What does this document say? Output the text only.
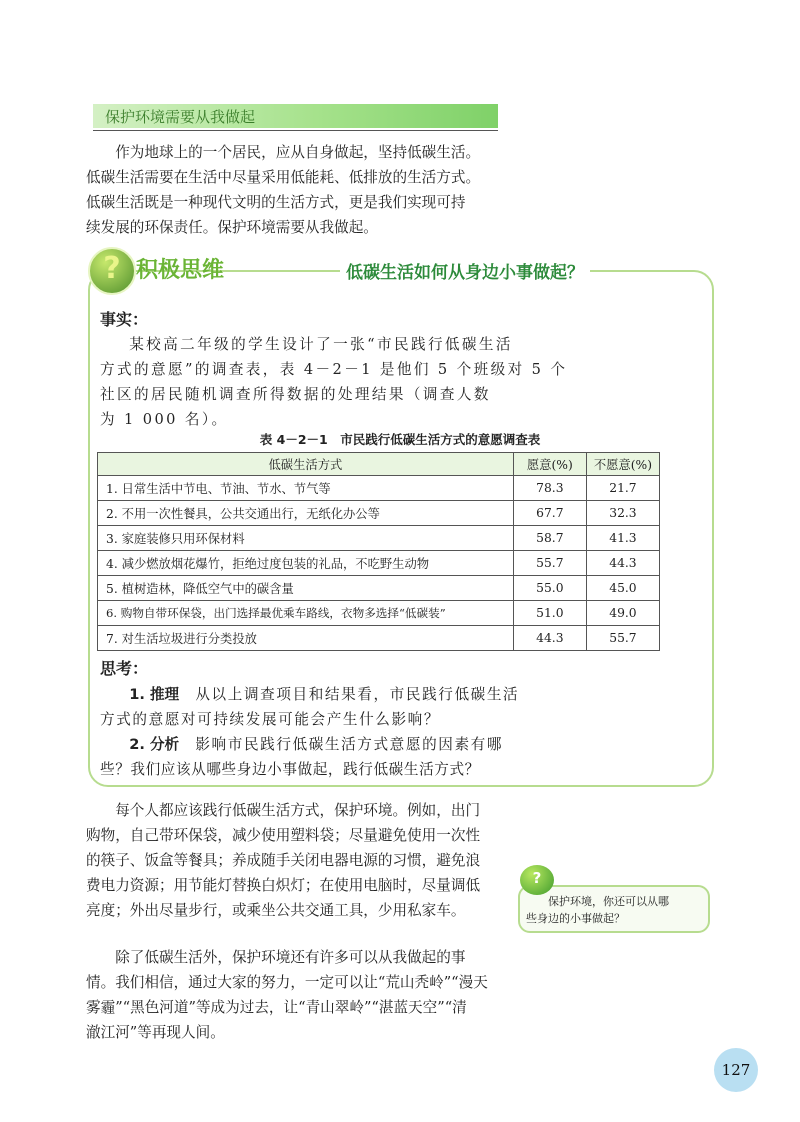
保护环境需要从我做起
作为地球上的一个居民，应从自身做起，坚持低碳生活。
低碳生活需要在生活中尽量采用低能耗、低排放的生活方式。
低碳生活既是一种现代文明的生活方式，更是我们实现可持
续发展的环保责任。保护环境需要从我做起。
? 积极思维	低碳生活如何从身边小事做起？
事实：
某校高二年级的学生设计了一张“市民践行低碳生活
方式的意愿”的调查表，表 4－2－1 是他们 5 个班级对 5 个
社区的居民随机调查所得数据的处理结果（调查人数
为 1 000 名）。
表 4－2－1　市民践行低碳生活方式的意愿调查表
低碳生活方式	愿意(%)	不愿意(%)
1. 日常生活中节电、节油、节水、节气等	78.3	21.7
2. 不用一次性餐具，公共交通出行，无纸化办公等	67.7	32.3
3. 家庭装修只用环保材料	58.7	41.3
4. 减少燃放烟花爆竹，拒绝过度包装的礼品，不吃野生动物	55.7	44.3
5. 植树造林，降低空气中的碳含量	55.0	45.0
6. 购物自带环保袋，出门选择最优乘车路线，衣物多选择“低碳装”	51.0	49.0
7. 对生活垃圾进行分类投放	44.3	55.7
思考：
1. 推理　 从以上调查项目和结果看，市民践行低碳生活
方式的意愿对可持续发展可能会产生什么影响？
2. 分析　 影响市民践行低碳生活方式意愿的因素有哪
些？我们应该从哪些身边小事做起，践行低碳生活方式？
每个人都应该践行低碳生活方式，保护环境。例如，出门
购物，自己带环保袋，减少使用塑料袋；尽量避免使用一次性
的筷子、饭盒等餐具；养成随手关闭电器电源的习惯，避免浪
费电力资源；用节能灯替换白炽灯；在使用电脑时，尽量调低
亮度；外出尽量步行，或乘坐公共交通工具，少用私家车。
除了低碳生活外，保护环境还有许多可以从我做起的事
情。我们相信，通过大家的努力，一定可以让“荒山秃岭”“漫天
雾霾”“黑色河道”等成为过去，让“青山翠岭”“湛蓝天空”“清
澈江河”等再现人间。
?
保护环境，你还可以从哪
些身边的小事做起？
127
